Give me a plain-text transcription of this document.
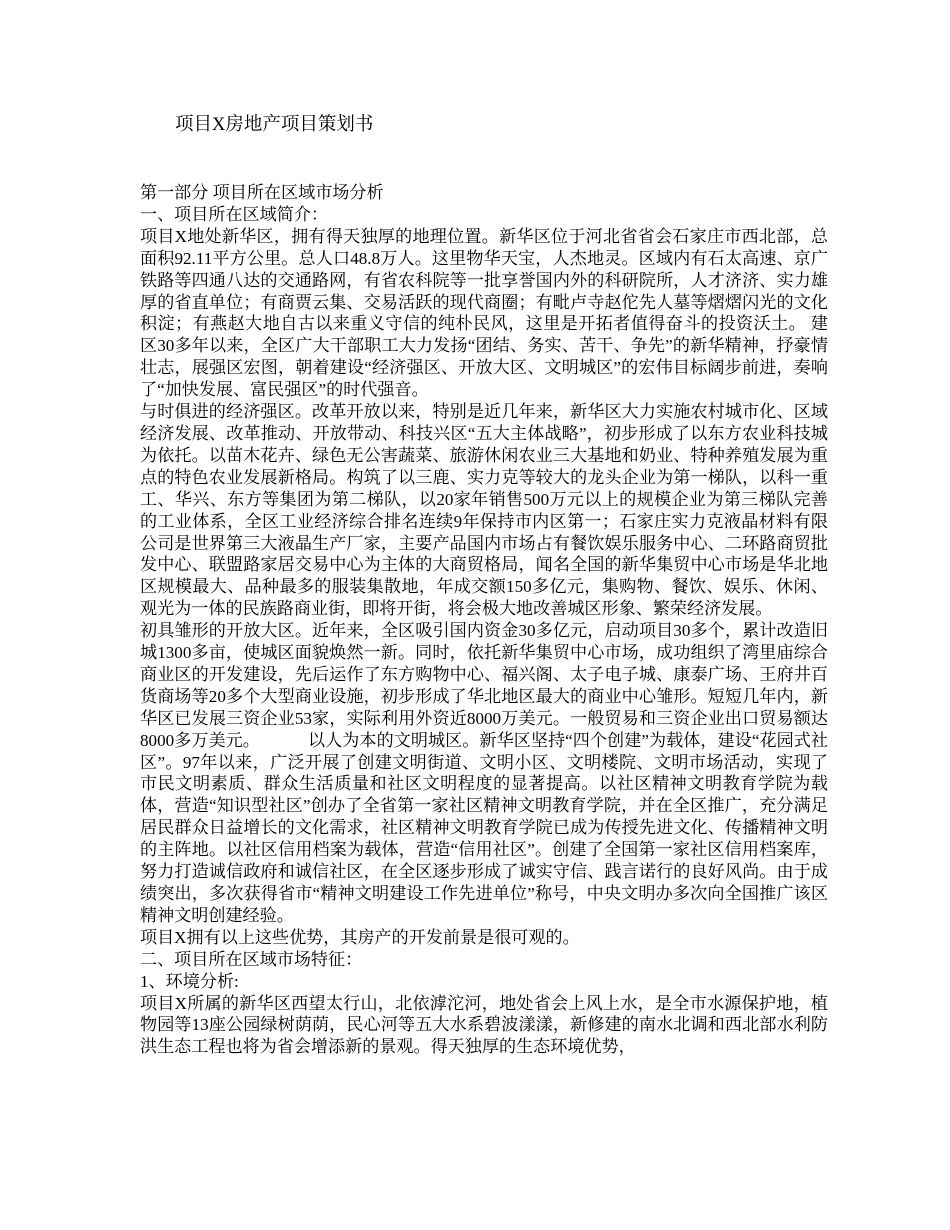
项目X房地产项目策划书

第一部分 项目所在区域市场分析

一、项目所在区域简介：

项目X地处新华区，拥有得天独厚的地理位置。新华区位于河北省省会石家庄市西北部，总面积92.11平方公里。总人口48.8万人。这里物华天宝，人杰地灵。区域内有石太高速、京广铁路等四通八达的交通路网，有省农科院等一批享誉国内外的科研院所，人才济济、实力雄厚的省直单位；有商贾云集、交易活跃的现代商圈；有毗卢寺赵佗先人墓等熠熠闪光的文化积淀；有燕赵大地自古以来重义守信的纯朴民风，这里是开拓者值得奋斗的投资沃土。 建区30多年以来，全区广大干部职工大力发扬“团结、务实、苦干、争先”的新华精神，抒豪情壮志，展强区宏图，朝着建设“经济强区、开放大区、文明城区”的宏伟目标阔步前进，奏响了“加快发展、富民强区”的时代强音。

与时俱进的经济强区。改革开放以来，特别是近几年来，新华区大力实施农村城市化、区域经济发展、改革推动、开放带动、科技兴区“五大主体战略”，初步形成了以东方农业科技城为依托。以苗木花卉、绿色无公害蔬菜、旅游休闲农业三大基地和奶业、特种养殖发展为重点的特色农业发展新格局。构筑了以三鹿、实力克等较大的龙头企业为第一梯队，以科一重工、华兴、东方等集团为第二梯队，以20家年销售500万元以上的规模企业为第三梯队完善的工业体系，全区工业经济综合排名连续9年保持市内区第一；石家庄实力克液晶材料有限公司是世界第三大液晶生产厂家，主要产品国内市场占有餐饮娱乐服务中心、二环路商贸批发中心、联盟路家居交易中心为主体的大商贸格局，闻名全国的新华集贸中心市场是华北地区规模最大、品种最多的服装集散地，年成交额150多亿元，集购物、餐饮、娱乐、休闲、观光为一体的民族路商业街，即将开街，将会极大地改善城区形象、繁荣经济发展。

初具雏形的开放大区。近年来，全区吸引国内资金30多亿元，启动项目30多个，累计改造旧城1300多亩，使城区面貌焕然一新。同时，依托新华集贸中心市场，成功组织了湾里庙综合商业区的开发建设，先后运作了东方购物中心、福兴阁、太子电子城、康泰广场、王府井百货商场等20多个大型商业设施，初步形成了华北地区最大的商业中心雏形。短短几年内，新华区已发展三资企业53家，实际利用外资近8000万美元。一般贸易和三资企业出口贸易额达8000多万美元。	以人为本的文明城区。新华区坚持“四个创建”为载体，建设“花园式社区”。97年以来，广泛开展了创建文明街道、文明小区、文明楼院、文明市场活动，实现了市民文明素质、群众生活质量和社区文明程度的显著提高。以社区精神文明教育学院为载体，营造“知识型社区”创办了全省第一家社区精神文明教育学院，并在全区推广，充分满足居民群众日益增长的文化需求，社区精神文明教育学院已成为传授先进文化、传播精神文明的主阵地。以社区信用档案为载体，营造“信用社区”。创建了全国第一家社区信用档案库，努力打造诚信政府和诚信社区，在全区逐步形成了诚实守信、践言诺行的良好风尚。由于成绩突出，多次获得省市“精神文明建设工作先进单位”称号，中央文明办多次向全国推广该区精神文明创建经验。

项目X拥有以上这些优势，其房产的开发前景是很可观的。

二、项目所在区域市场特征：

1、环境分析:

项目X所属的新华区西望太行山，北依滹沱河，地处省会上风上水，是全市水源保护地，植物园等13座公园绿树荫荫，民心河等五大水系碧波漾漾，新修建的南水北调和西北部水利防洪生态工程也将为省会增添新的景观。得天独厚的生态环境优势，
